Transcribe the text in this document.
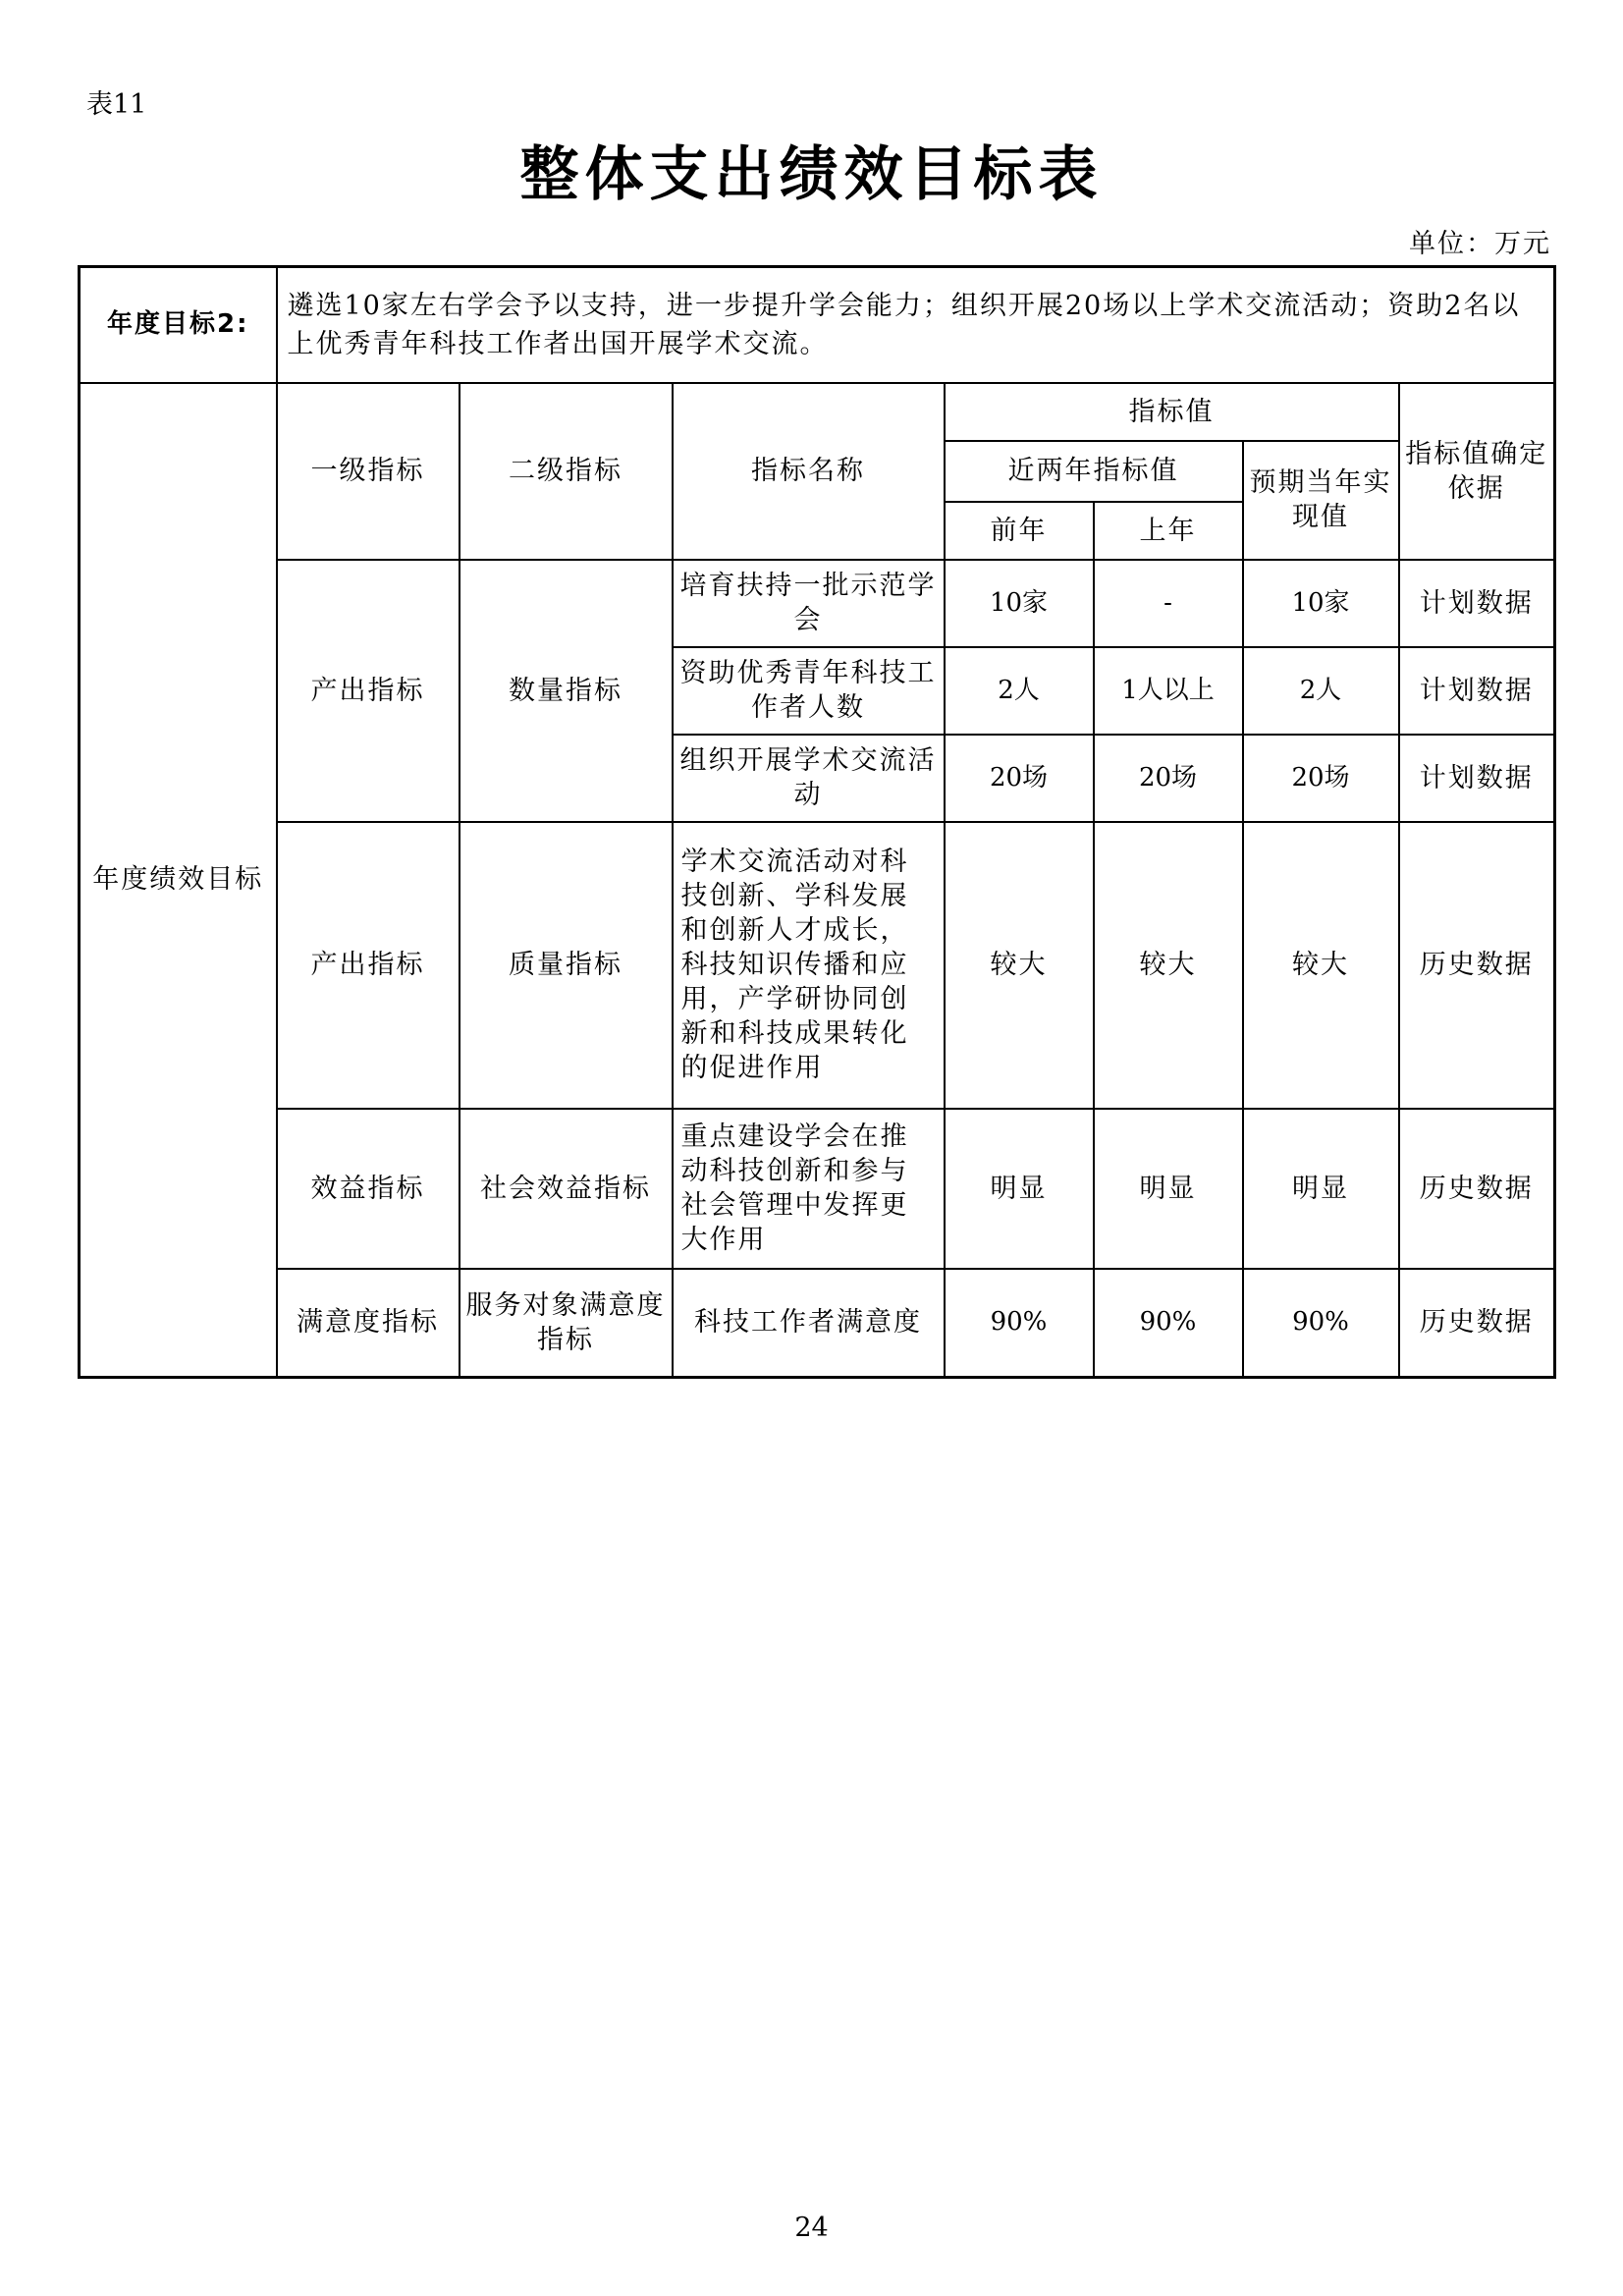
表11
整体支出绩效目标表
单位：万元
年度目标2:	遴选10家左右学会予以支持，进一步提升学会能力；组织开展20场以上学术交流活动；资助2名以上优秀青年科技工作者出国开展学术交流。						
年度绩效目标	一级指标	二级指标	指标名称	指标值			指标值确定依据
				近两年指标值		预期当年实现值	
				前年	上年		
	产出指标	数量指标	培育扶持一批示范学会	10家	-	10家	计划数据
			资助优秀青年科技工作者人数	2人	1人以上	2人	计划数据
			组织开展学术交流活动	20场	20场	20场	计划数据
	产出指标	质量指标	学术交流活动对科技创新、学科发展和创新人才成长，科技知识传播和应用，产学研协同创新和科技成果转化的促进作用	较大	较大	较大	历史数据
	效益指标	社会效益指标	重点建设学会在推动科技创新和参与社会管理中发挥更大作用	明显	明显	明显	历史数据
	满意度指标	服务对象满意度指标	科技工作者满意度	90%	90%	90%	历史数据
24
